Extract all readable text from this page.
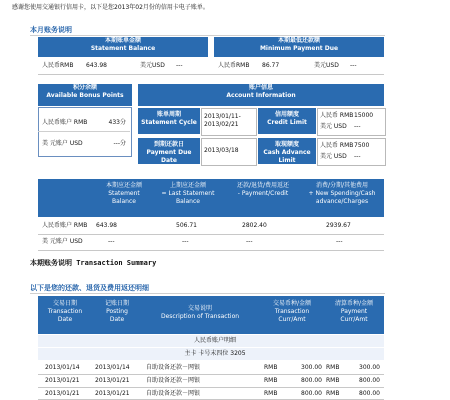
感谢您使用交通银行信用卡，以下是您2013年02月份的信用卡电子账单。
本月账务说明
本期账单金额
Statement Balance
本期最低还款额
Minimum Payment Due
人民币RMB 643.98	美元USD ---	人民币RMB 86.77	美元USD ---
积分余额
Available Bonus Points
人民币账户 RMB	433分
美 元账户 USD	---分
账户信息
Account Information
账单周期
Statement Cycle
2013/01/11-2013/02/21
信用额度
Credit Limit
人民币 RMB 15000
美元 USD ---
到期还款日
Payment Due Date
2013/03/18
取现额度
Cash Advance Limit
人民币 RMB 7500
美元 USD ---
本期应还金额
Statement
Balance
上期应还金额
= Last Statement
Balance
还款/退货/费用返还
- Payment/Credit
消费/分期/其他费用
+ New Spending/Cash
advance/Charges
人民币账户 RMB 643.98	506.71	2802.40	2939.67
美 元账户 USD	---	---	---	---
本期账务说明 Transaction Summary
以下是您的还款、退货及费用返还明细
交易日期
Transaction
Date
记账日期
Posting
Date
交易说明
Description of Transaction
交易币种/金额
Transaction
Curr/Amt
清算币种/金额
Payment
Curr/Amt
人民币账户明细
主卡 卡号末四位 3205
2013/01/14	2013/01/14	自助设备还款－网银	RMB	300.00 RMB	300.00
2013/01/21	2013/01/21	自助设备还款－网银	RMB	800.00 RMB	800.00
2013/01/21	2013/01/21	自助设备还款－网银	RMB	800.00 RMB	800.00
